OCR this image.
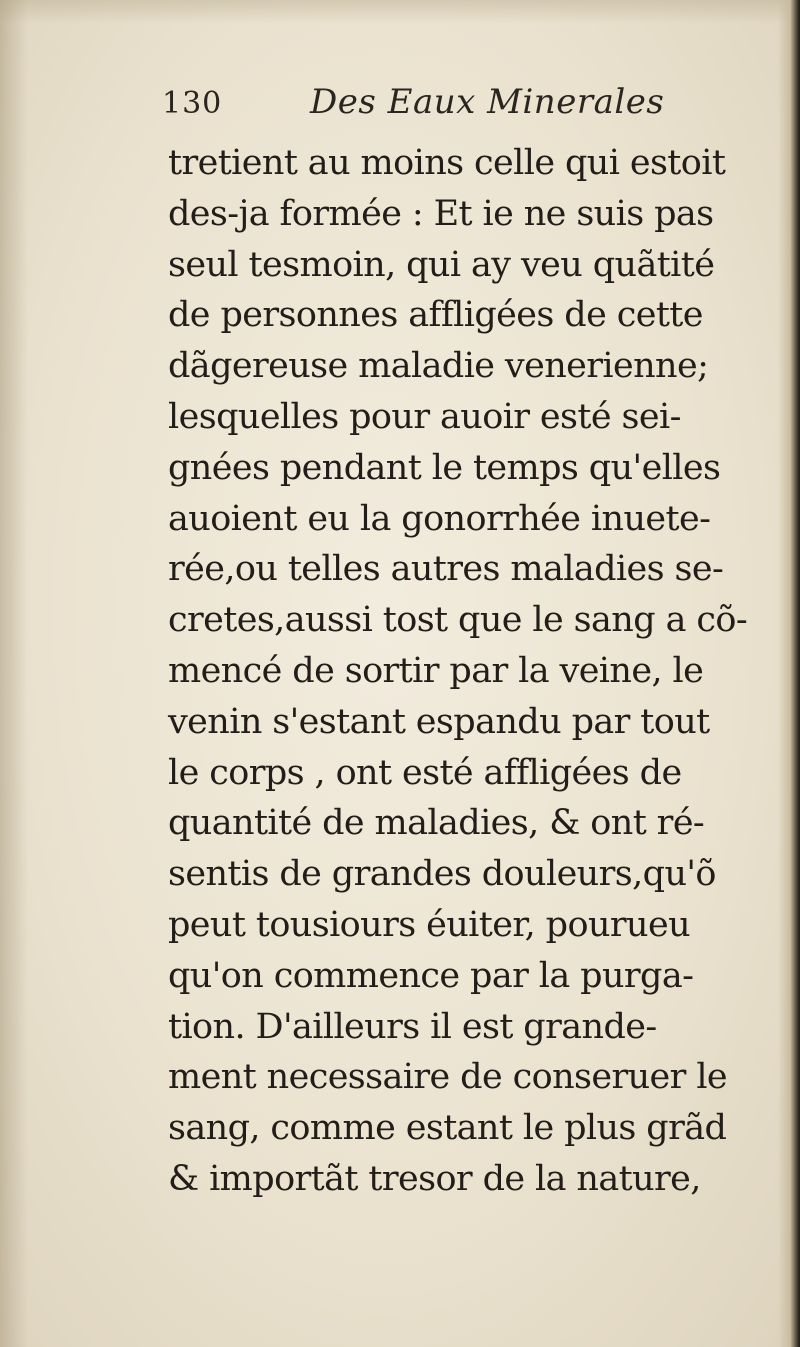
130	Des Eaux Minerales
tretient au moins celle qui estoit
des-ja formée : Et ie ne suis pas
seul tesmoin, qui ay veu quãtité
de personnes affligées de cette
dãgereuse maladie venerienne;
lesquelles pour auoir esté sei-
gnées pendant le temps qu'elles
auoient eu la gonorrhée inuete-
rée,ou telles autres maladies se-
cretes,aussi tost que le sang a cõ-
mencé de sortir par la veine, le
venin s'estant espandu par tout
le corps , ont esté affligées de
quantité de maladies, & ont ré-
sentis de grandes douleurs,qu'õ
peut tousiours éuiter, pourueu
qu'on commence par la purga-
tion. D'ailleurs il est grande-
ment necessaire de conseruer le
sang, comme estant le plus grãd
& importãt tresor de la nature,
